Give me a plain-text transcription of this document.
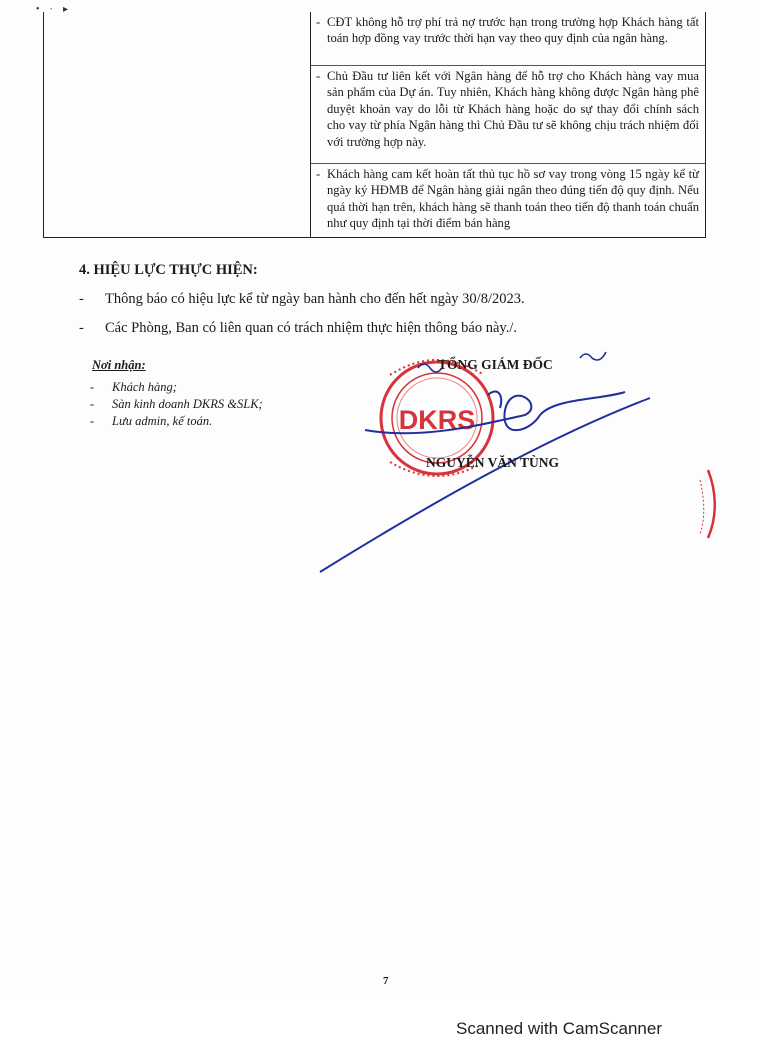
• ∙ ▸
- CĐT không hỗ trợ phí trả nợ trước hạn trong trường hợp Khách hàng tất toán hợp đồng vay trước thời hạn vay theo quy định của ngân hàng.
- Chủ Đầu tư liên kết với Ngân hàng để hỗ trợ cho Khách hàng vay mua sản phẩm của Dự án. Tuy nhiên, Khách hàng không được Ngân hàng phê duyệt khoản vay do lỗi từ Khách hàng hoặc do sự thay đổi chính sách cho vay từ phía Ngân hàng thì Chủ Đầu tư sẽ không chịu trách nhiệm đối với trường hợp này.
- Khách hàng cam kết hoàn tất thủ tục hồ sơ vay trong vòng 15 ngày kể từ ngày ký HĐMB để Ngân hàng giải ngân theo đúng tiến độ quy định. Nếu quá thời hạn trên, khách hàng sẽ thanh toán theo tiến độ thanh toán chuẩn như quy định tại thời điểm bán hàng
4. HIỆU LỰC THỰC HIỆN:
- Thông báo có hiệu lực kể từ ngày ban hành cho đến hết ngày 30/8/2023.
- Các Phòng, Ban có liên quan có trách nhiệm thực hiện thông báo này./.
Nơi nhận:
- Khách hàng;
- Sàn kinh doanh DKRS &SLK;
- Lưu admin, kế toán.	DKRS
TỔNG GIÁM ĐỐC
NGUYỄN VĂN TÙNG
7
Scanned with CamScanner
